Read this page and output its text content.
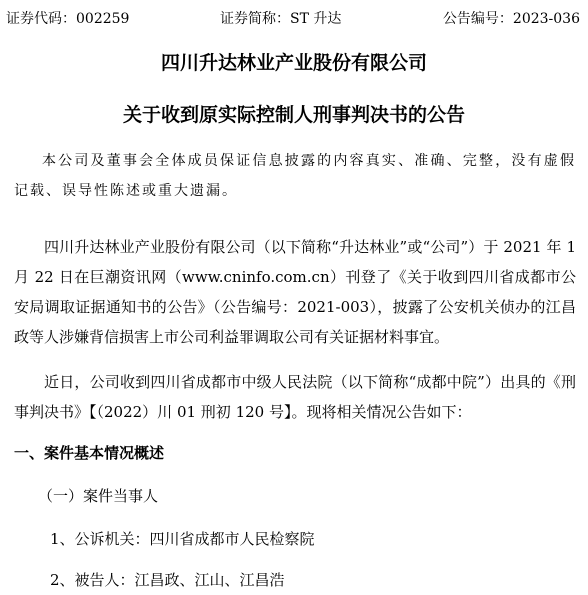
证券代码：002259	证券简称：ST 升达	公告编号：2023-036
四川升达林业产业股份有限公司
关于收到原实际控制人刑事判决书的公告

本公司及董事会全体成员保证信息披露的内容真实、准确、完整，没有虚假记载、误导性陈述或重大遗漏。

四川升达林业产业股份有限公司（以下简称“升达林业”或“公司”）于 2021 年 1 月 22 日在巨潮资讯网（www.cninfo.com.cn）刊登了《关于收到四川省成都市公安局调取证据通知书的公告》（公告编号：2021-003），披露了公安机关侦办的江昌政等人涉嫌背信损害上市公司利益罪调取公司有关证据材料事宜。

近日，公司收到四川省成都市中级人民法院（以下简称“成都中院”）出具的《刑事判决书》【（2022）川 01 刑初 120 号】。现将相关情况公告如下：

一、案件基本情况概述
（一）案件当事人
1、公诉机关：四川省成都市人民检察院
2、被告人：江昌政、江山、江昌浩
